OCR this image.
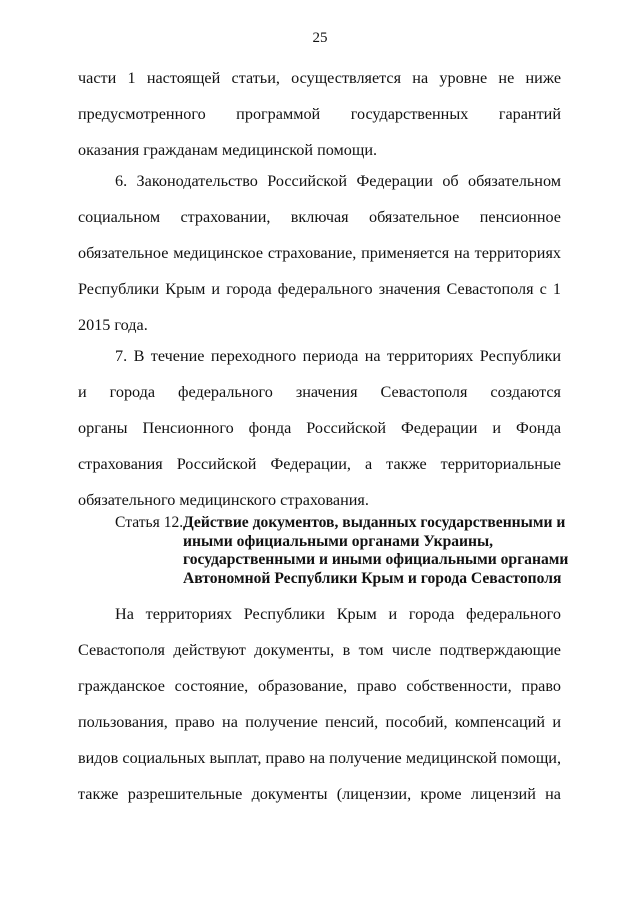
25
части 1 настоящей статьи, осуществляется на уровне не ниже
предусмотренного программой государственных гарантий
оказания гражданам медицинской помощи.
6. Законодательство Российской Федерации об обязательном
социальном страховании, включая обязательное пенсионное
обязательное медицинское страхование, применяется на территориях
Республики Крым и города федерального значения Севастополя с 1
2015 года.
7. В течение переходного периода на территориях Республики
и города федерального значения Севастополя создаются
органы Пенсионного фонда Российской Федерации и Фонда
страхования Российской Федерации, а также территориальные
обязательного медицинского страхования.
Статья 12. Действие документов, выданных государственными и
иными официальными органами Украины,
государственными и иными официальными органами
Автономной Республики Крым и города Севастополя
На территориях Республики Крым и города федерального
Севастополя действуют документы, в том числе подтверждающие
гражданское состояние, образование, право собственности, право
пользования, право на получение пенсий, пособий, компенсаций и
видов социальных выплат, право на получение медицинской помощи,
также разрешительные документы (лицензии, кроме лицензий на
